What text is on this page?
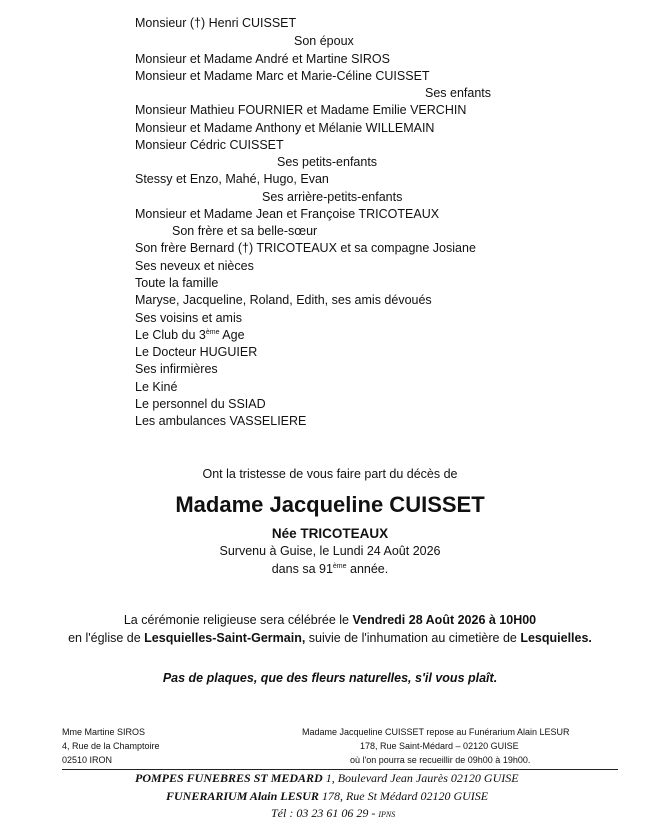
Monsieur (†) Henri CUISSET
Son époux
Monsieur et Madame André et Martine SIROS
Monsieur et Madame Marc et Marie-Céline CUISSET
Ses enfants
Monsieur Mathieu FOURNIER et Madame Emilie VERCHIN
Monsieur et Madame Anthony et Mélanie WILLEMAIN
Monsieur Cédric CUISSET
Ses petits-enfants
Stessy et Enzo, Mahé, Hugo, Evan
Ses arrière-petits-enfants
Monsieur et Madame Jean et Françoise TRICOTEAUX
Son frère et sa belle-sœur
Son frère Bernard (†) TRICOTEAUX et sa compagne Josiane
Ses neveux et nièces
Toute la famille
Maryse, Jacqueline, Roland, Edith, ses amis dévoués
Ses voisins et amis
Le Club du 3ème Age
Le Docteur HUGUIER
Ses infirmières
Le Kiné
Le personnel du SSIAD
Les ambulances VASSELIERE
Ont la tristesse de vous faire part du décès de
Madame Jacqueline CUISSET
Née TRICOTEAUX
Survenu à Guise, le Lundi 24 Août 2026
dans sa 91ème année.
La cérémonie religieuse sera célébrée le Vendredi 28 Août 2026 à 10H00
en l'église de Lesquielles-Saint-Germain, suivie de l'inhumation au cimetière de Lesquielles.
Pas de plaques, que des fleurs naturelles, s'il vous plaît.
Mme Martine SIROS
4, Rue de la Champtoire
02510 IRON
Madame Jacqueline CUISSET repose au Funérarium Alain LESUR
178, Rue Saint-Médard – 02120 GUISE
où l'on pourra se recueillir de 09h00 à 19h00.
POMPES FUNEBRES ST MEDARD 1, Boulevard Jean Jaurès 02120 GUISE
FUNERARIUM Alain LESUR 178, Rue St Médard 02120 GUISE
Tél : 03 23 61 06 29 - IPNS
